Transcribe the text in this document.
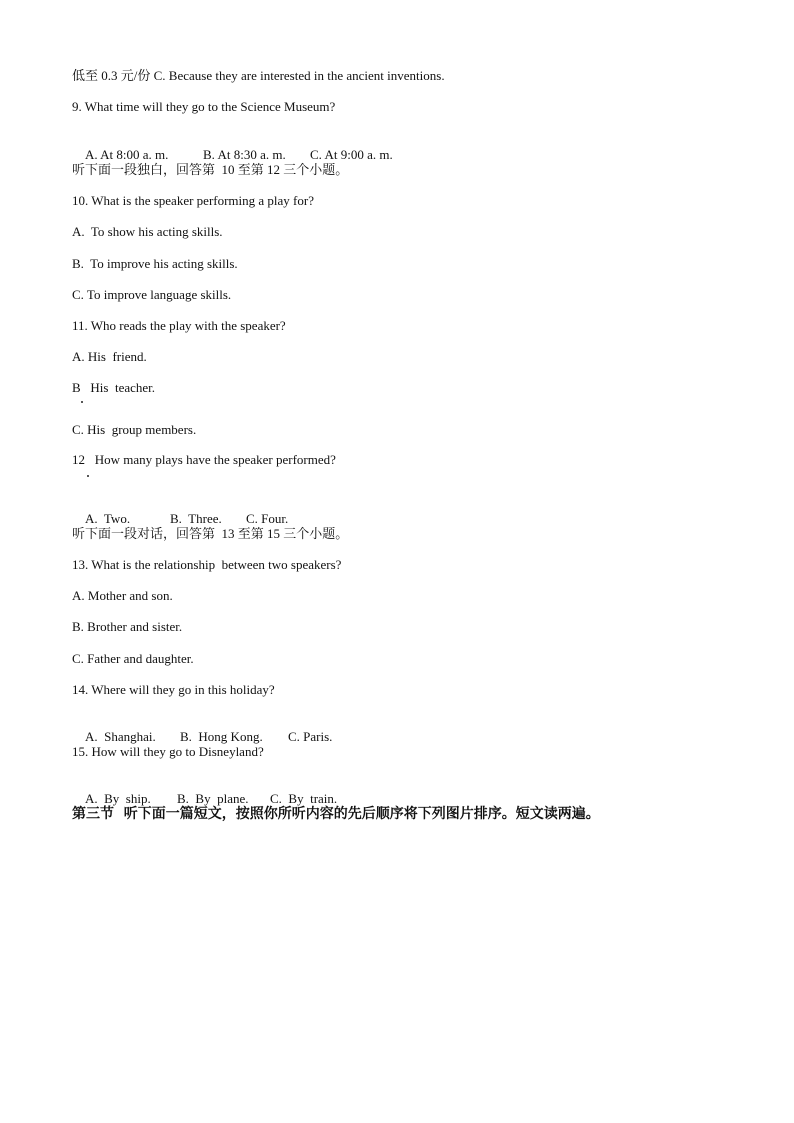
低至 0.3 元/份 C. Because they are interested in the ancient inventions.
9. What time will they go to the Science Museum?

A. At 8:00 a. m.	B. At 8:30 a. m. C. At 9:00 a. m.

听下面一段独白，回答第  10 至第 12 三个小题。
10. What is the speaker performing a play for?
A.  To show his acting skills.
B.  To improve his acting skills.
C. To improve language skills.
11. Who reads the play with the speaker?
A. His  friend.
B   His  teacher.
C. His  group members.
12   How many plays have the speaker performed?

A.  Two.	B.  Three. C. Four.

听下面一段对话，回答第  13 至第 15 三个小题。
13. What is the relationship  between two speakers?
A. Mother and son.
B. Brother and sister.
C. Father and daughter.
14. Where will they go in this holiday?

A.  Shanghai. B.  Hong Kong. C. Paris.

15. How will they go to Disneyland?

A.  By  ship. B.  By  plane. C.  By  train.

第三节  听下面一篇短文，按照你所听内容的先后顺序将下列图片排序。短文读两遍。
